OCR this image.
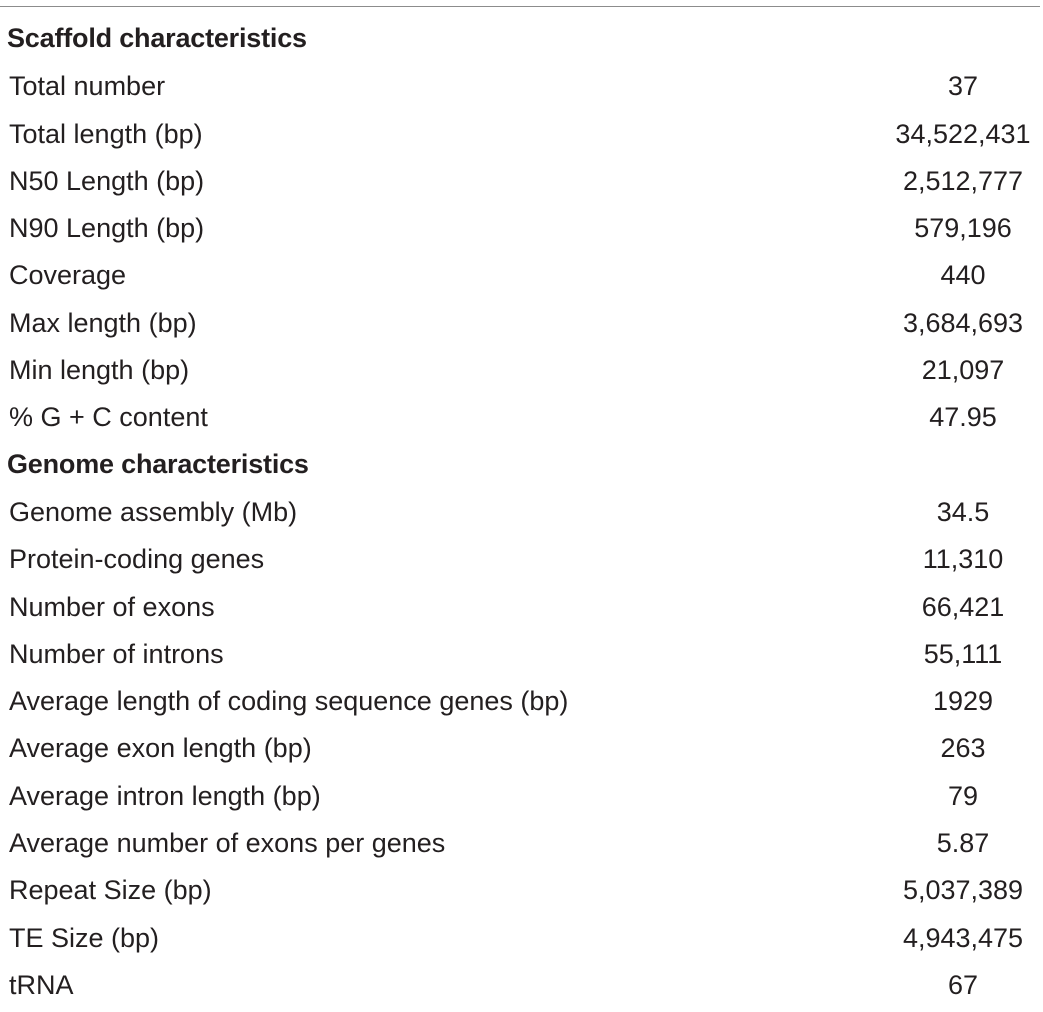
Scaffold characteristics
Total number	37
Total length (bp)	34,522,431
N50 Length (bp)	2,512,777
N90 Length (bp)	579,196
Coverage	440
Max length (bp)	3,684,693
Min length (bp)	21,097
% G + C content	47.95
Genome characteristics
Genome assembly (Mb)	34.5
Protein-coding genes	11,310
Number of exons	66,421
Number of introns	55,111
Average length of coding sequence genes (bp)	1929
Average exon length (bp)	263
Average intron length (bp)	79
Average number of exons per genes	5.87
Repeat Size (bp)	5,037,389
TE Size (bp)	4,943,475
tRNA	67
